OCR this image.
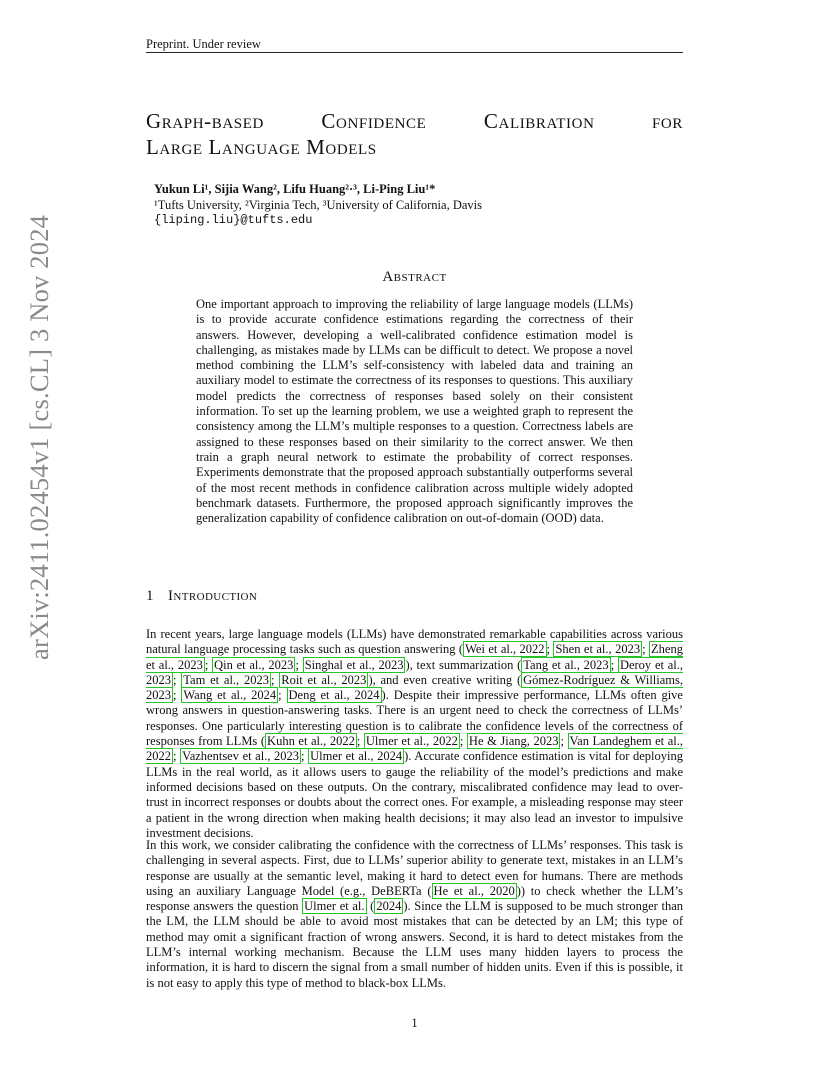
Preprint. Under review
arXiv:2411.02454v1 [cs.CL] 3 Nov 2024
Graph-based	Confidence	Calibration	for
Large Language Models
Yukun Li¹, Sijia Wang², Lifu Huang²·³, Li-Ping Liu¹*
¹Tufts University, ²Virginia Tech, ³University of California, Davis
{liping.liu}@tufts.edu
Abstract
One important approach to improving the reliability of large language models (LLMs) is to provide accurate confidence estimations regarding the correctness of their answers. However, developing a well-calibrated confidence estimation model is challenging, as mistakes made by LLMs can be difficult to detect. We propose a novel method combining the LLM’s self-consistency with labeled data and training an auxiliary model to estimate the correctness of its responses to questions. This auxiliary model predicts the correctness of responses based solely on their consistent information. To set up the learning problem, we use a weighted graph to represent the consistency among the LLM’s multiple responses to a question. Correctness labels are assigned to these responses based on their similarity to the correct answer. We then train a graph neural network to estimate the probability of correct responses. Experiments demonstrate that the proposed approach substantially outperforms several of the most recent methods in confidence calibration across multiple widely adopted benchmark datasets. Furthermore, the proposed approach significantly improves the generalization capability of confidence calibration on out-of-domain (OOD) data.
1 Introduction

In recent years, large language models (LLMs) have demonstrated remarkable capabilities across various natural language processing tasks such as question answering ( Wei et al., 2022 ; Shen et al., 2023 ; Zheng et al., 2023 ; Qin et al., 2023 ; Singhal et al., 2023 ), text summarization ( Tang et al., 2023 ; Deroy et al., 2023 ; Tam et al., 2023 ; Roit et al., 2023 ), and even creative writing ( Gómez-Rodríguez & Williams, 2023 ; Wang et al., 2024 ; Deng et al., 2024 ). Despite their impressive performance, LLMs often give wrong answers in question-answering tasks. There is an urgent need to check the correctness of LLMs’ responses. One particularly interesting question is to calibrate the confidence levels of the correctness of responses from LLMs ( Kuhn et al., 2022 ; Ulmer et al., 2022 ; He & Jiang, 2023 ; Van Landeghem et al., 2022 ; Vazhentsev et al., 2023 ; Ulmer et al., 2024 ). Accurate confidence estimation is vital for deploying LLMs in the real world, as it allows users to gauge the reliability of the model’s predictions and make informed decisions based on these outputs. On the contrary, miscalibrated confidence may lead to over-trust in incorrect responses or doubts about the correct ones. For example, a misleading response may steer a patient in the wrong direction when making health decisions; it may also lead an investor to impulsive investment decisions.

In this work, we consider calibrating the confidence with the correctness of LLMs’ responses. This task is challenging in several aspects. First, due to LLMs’ superior ability to generate text, mistakes in an LLM’s response are usually at the semantic level, making it hard to detect even for humans. There are methods using an auxiliary Language Model (e.g., DeBERTa ( He et al., 2020 )) to check whether the LLM’s response answers the question Ulmer et al. ( 2024 ). Since the LLM is supposed to be much stronger than the LM, the LLM should be able to avoid most mistakes that can be detected by an LM; this type of method may omit a significant fraction of wrong answers. Second, it is hard to detect mistakes from the LLM’s internal working mechanism. Because the LLM uses many hidden layers to process the information, it is hard to discern the signal from a small number of hidden units. Even if this is possible, it is not easy to apply this type of method to black-box LLMs.

1
